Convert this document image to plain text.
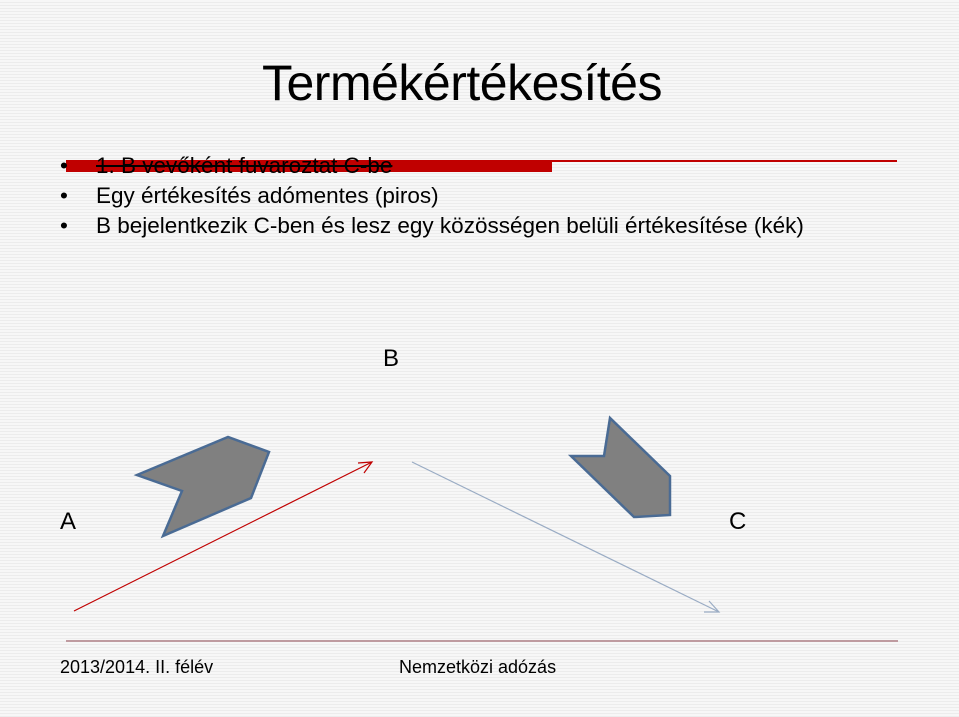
Termékértékesítés
• 1. B vevőként fuvaroztat C-be
• Egy értékesítés adómentes (piros)
• B bejelentkezik C-ben és lesz egy közösségen belüli értékesítése (kék)
B
A	C
2013/2014. II. félév	Nemzetközi adózás
